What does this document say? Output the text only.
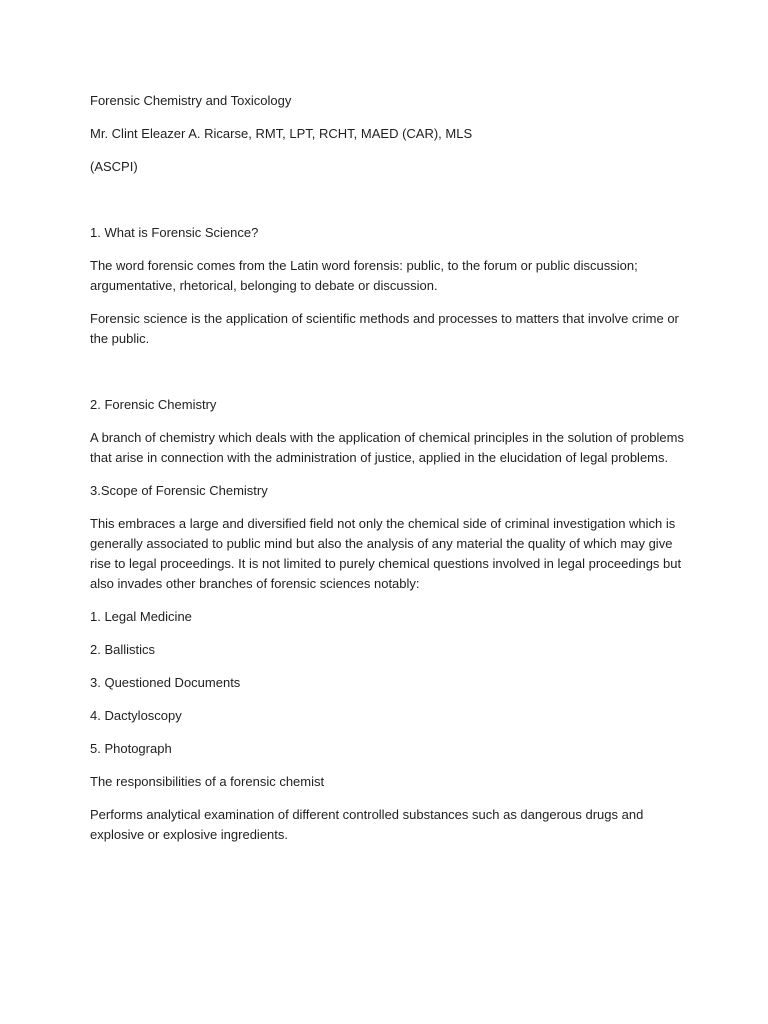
Forensic Chemistry and Toxicology

Mr. Clint Eleazer A. Ricarse, RMT, LPT, RCHT, MAED (CAR), MLS

(ASCPI)

1. What is Forensic Science?

The word forensic comes from the Latin word forensis: public, to the forum or public discussion; argumentative, rhetorical, belonging to debate or discussion.

Forensic science is the application of scientific methods and processes to matters that involve crime or the public.

2. Forensic Chemistry

A branch of chemistry which deals with the application of chemical principles in the solution of problems that arise in connection with the administration of justice, applied in the elucidation of legal problems.

3.Scope of Forensic Chemistry

This embraces a large and diversified field not only the chemical side of criminal investigation which is generally associated to public mind but also the analysis of any material the quality of which may give rise to legal proceedings. It is not limited to purely chemical questions involved in legal proceedings but also invades other branches of forensic sciences notably:

1. Legal Medicine

2. Ballistics

3. Questioned Documents

4. Dactyloscopy

5. Photograph

The responsibilities of a forensic chemist

Performs analytical examination of different controlled substances such as dangerous drugs and explosive or explosive ingredients.
